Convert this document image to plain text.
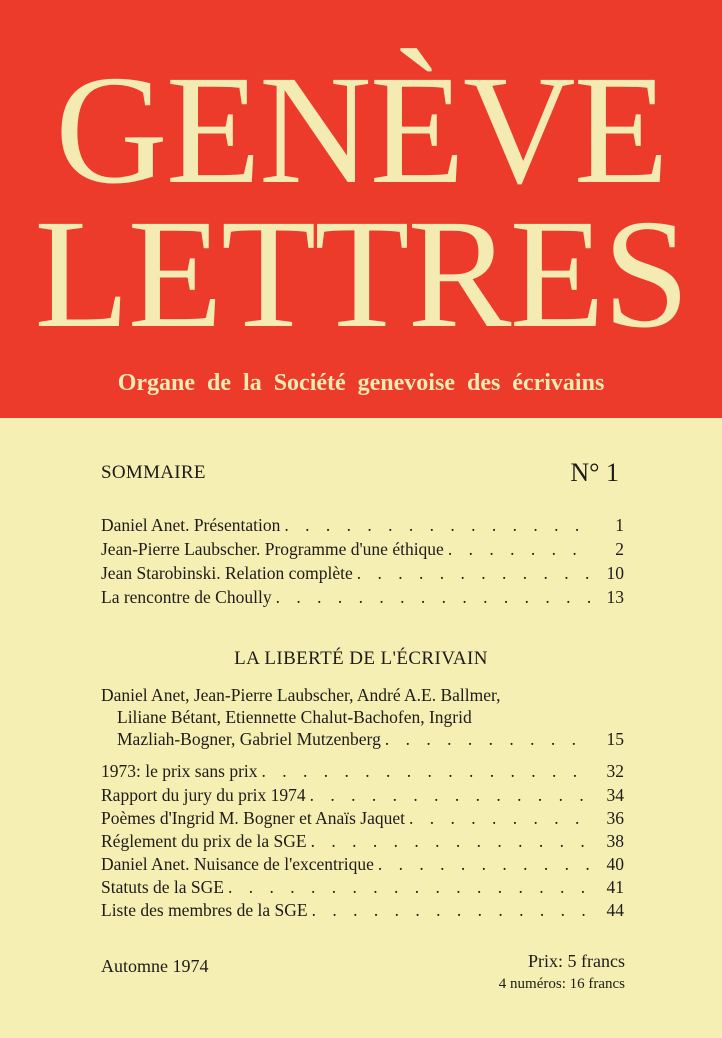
GENÈVE
LETTRES
Organe de la Société genevoise des écrivains
SOMMAIRE	N° 1
Daniel Anet. Présentation . . .	1
Jean-Pierre Laubscher. Programme d'une éthique . . .	2
Jean Starobinski. Relation complète . . .	10
La rencontre de Choully . . .	13
LA LIBERTÉ DE L'ÉCRIVAIN
Daniel Anet, Jean-Pierre Laubscher, André A.E. Ballmer,
Liliane Bétant, Etiennette Chalut-Bachofen, Ingrid
Mazliah-Bogner, Gabriel Mutzenberg . . .	15
1973: le prix sans prix . . .	32
Rapport du jury du prix 1974 . . .	34
Poèmes d'Ingrid M. Bogner et Anaïs Jaquet . . .	36
Réglement du prix de la SGE . . .	38
Daniel Anet. Nuisance de l'excentrique . . .	40
Statuts de la SGE . . .	41
Liste des membres de la SGE . . .	44
Automne 1974	Prix: 5 francs
4 numéros: 16 francs
